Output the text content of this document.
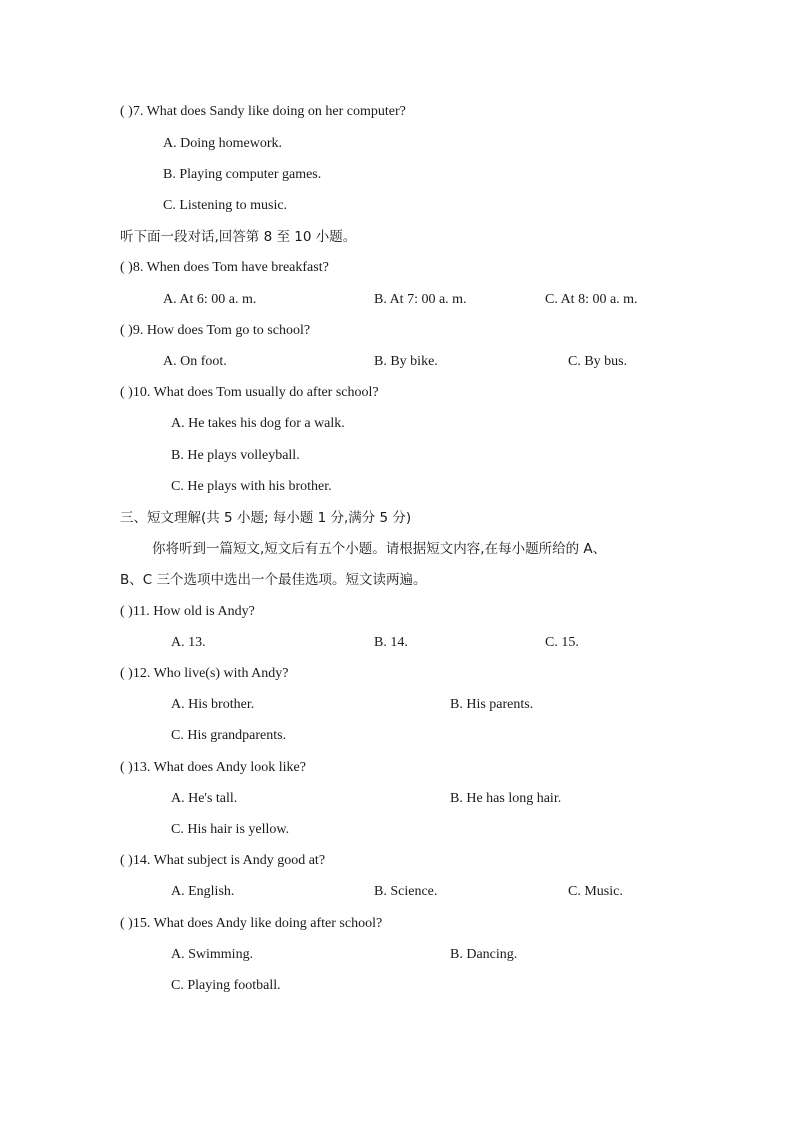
( )7. What does Sandy like doing on her computer?
A. Doing homework.
B. Playing computer games.
C. Listening to music.
听下面一段对话,回答第 8 至 10 小题。
( )8. When does Tom have breakfast?
A. At 6: 00 a. m.	B. At 7: 00 a. m.	C. At 8: 00 a. m.
( )9. How does Tom go to school?
A. On foot.	B. By bike.	C. By bus.
( )10. What does Tom usually do after school?
A. He takes his dog for a walk.
B. He plays volleyball.
C. He plays with his brother.
三、短文理解(共 5 小题; 每小题 1 分,满分 5 分)
你将听到一篇短文,短文后有五个小题。请根据短文内容,在每小题所给的 A、
B、C 三个选项中选出一个最佳选项。短文读两遍。
( )11. How old is Andy?
A. 13.	B. 14.	C. 15.
( )12. Who live(s) with Andy?
A. His brother.	B. His parents.
C. His grandparents.
( )13. What does Andy look like?
A. He's tall.	B. He has long hair.
C. His hair is yellow.
( )14. What subject is Andy good at?
A. English.	B. Science.	C. Music.
( )15. What does Andy like doing after school?
A. Swimming.	B. Dancing.
C. Playing football.
